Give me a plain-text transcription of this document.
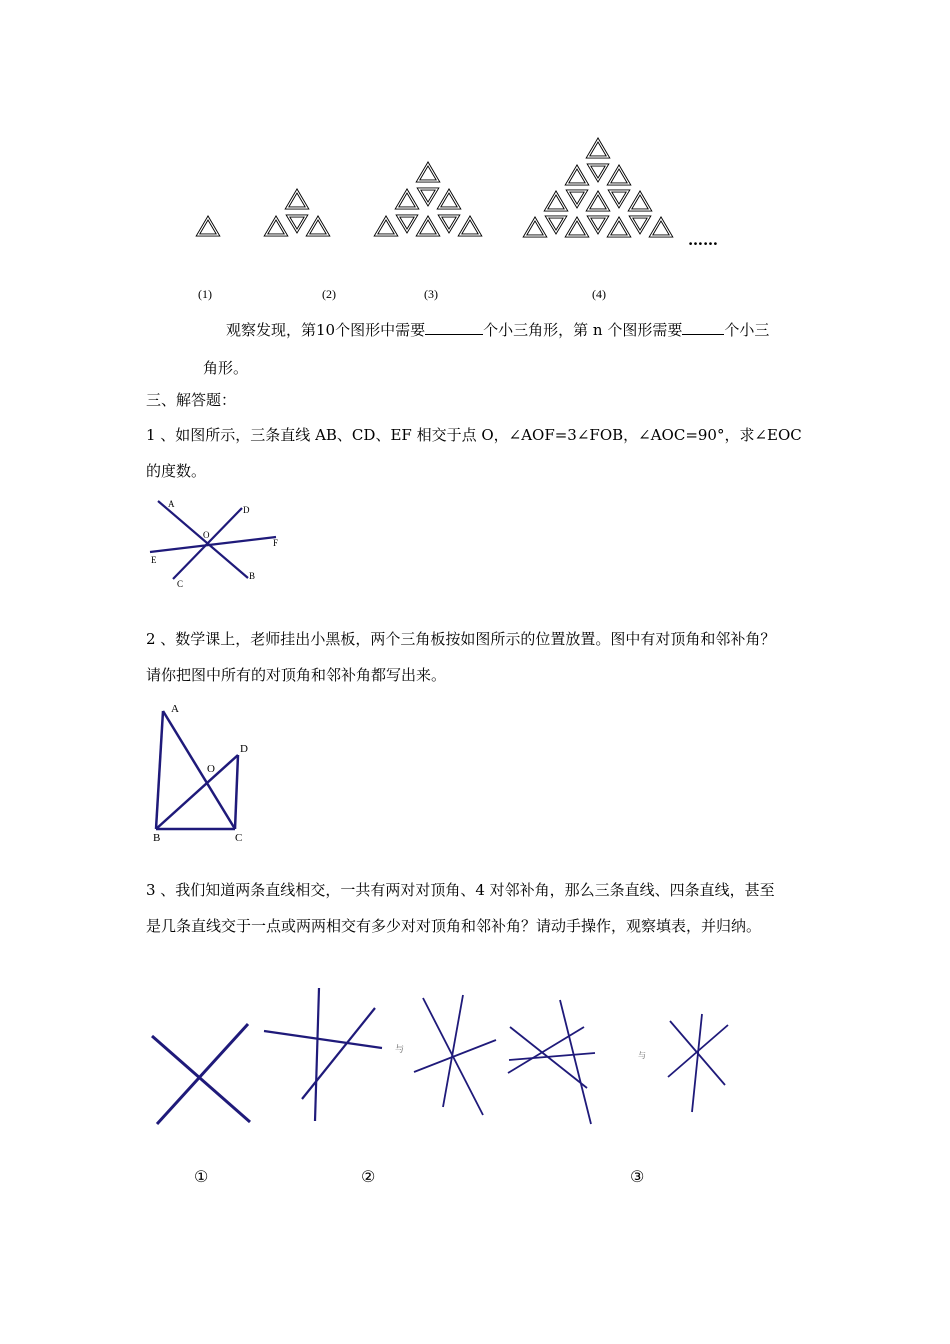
……
(1)	(2)	(3)	(4)
观察发现，第10个图形中需要	个小三角形，第 n 个图形需要	个小三
角形。
三、解答题：
1 、如图所示，三条直线 AB、CD、EF 相交于点 O，∠AOF=3∠FOB，∠AOC=90°，求∠EOC
的度数。
A
D
O
F
E
C
B
2 、数学课上，老师挂出小黑板，两个三角板按如图所示的位置放置。图中有对顶角和邻补角？
请你把图中所有的对顶角和邻补角都写出来。
A
D
O
B	C
3 、我们知道两条直线相交，一共有两对对顶角、4 对邻补角，那么三条直线、四条直线，甚至
是几条直线交于一点或两两相交有多少对对顶角和邻补角？请动手操作，观察填表，并归纳。
与
与
①	②	③
